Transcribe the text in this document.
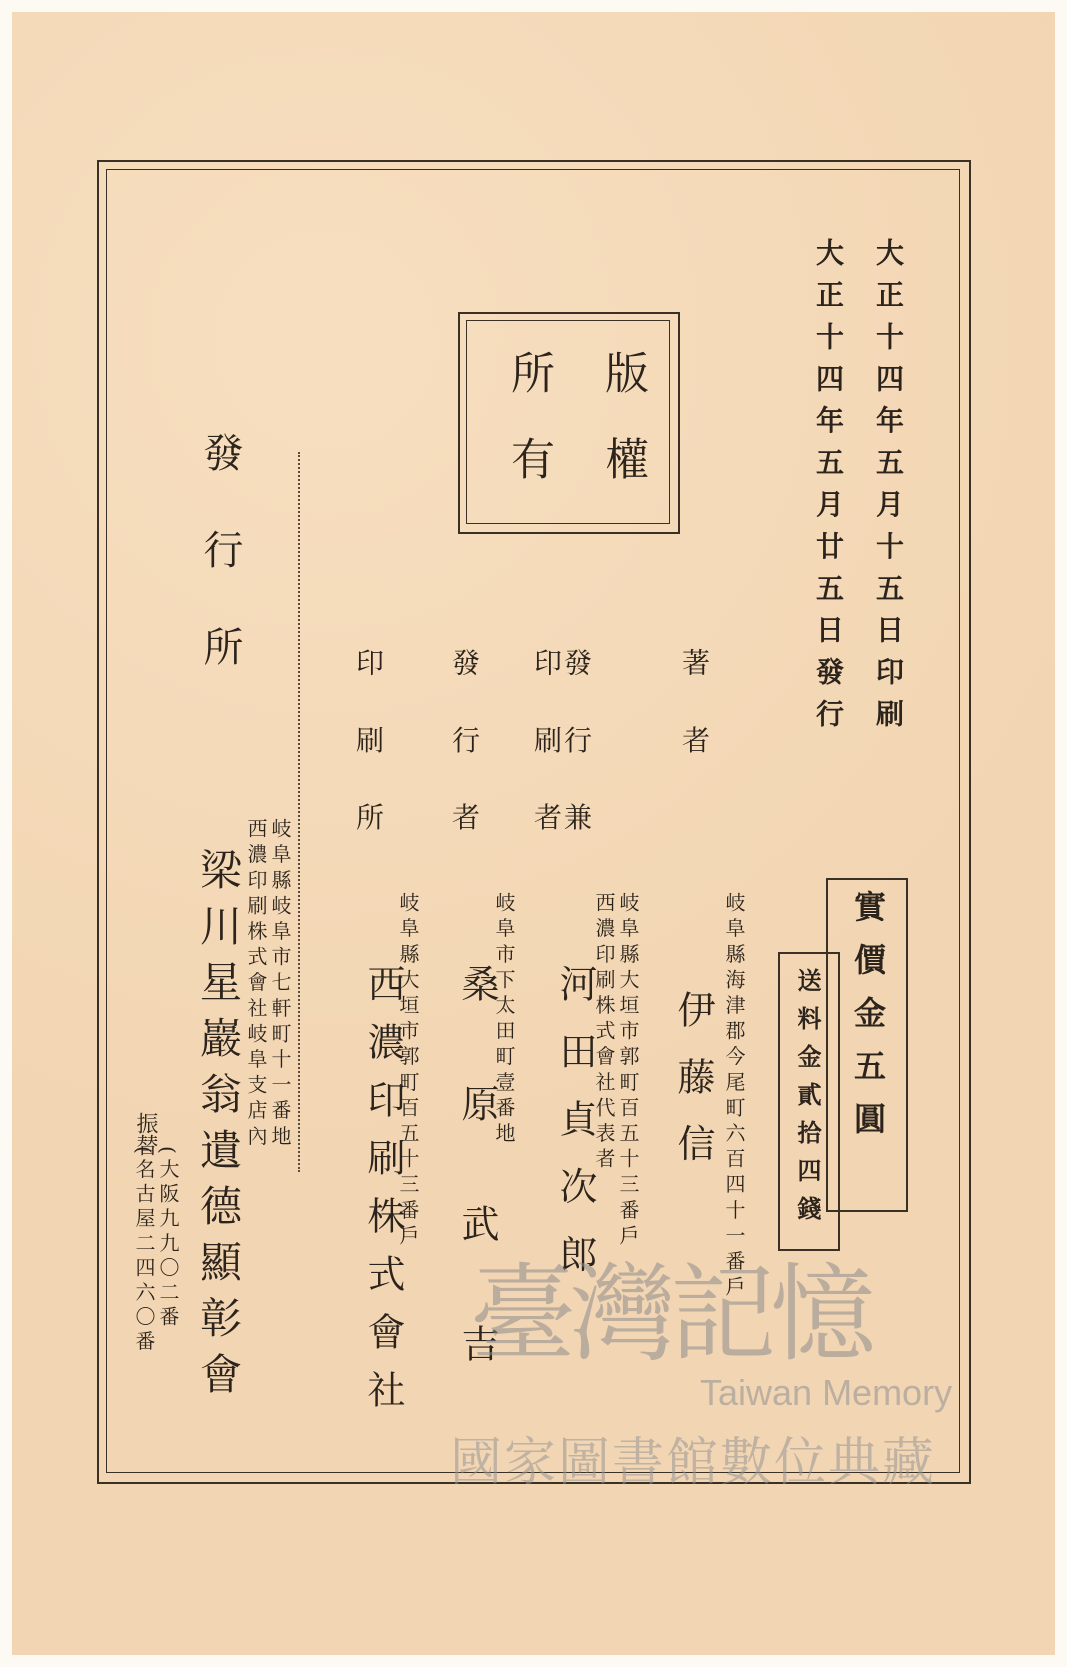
大正十四年五月十五日印刷
大正十四年五月廿五日發行
版權
所有
實價金五圓
送料金貳拾四錢
著者
岐阜縣海津郡今尾町六百四十一番戶
伊藤信
發行兼
印刷者
岐阜縣大垣市郭町百五十三番戶
西濃印刷株式會社代表者
河田貞次郎
發行者
岐阜市下太田町壹番地
桑原武吉
印刷所
岐阜縣大垣市郭町百五十三番戶
西濃印刷株式會社
發行所
岐阜縣岐阜市七軒町十一番地
西濃印刷株式會社岐阜支店內
梁川星巖翁遺德顯彰會
振替
(大阪九九〇二番
(名古屋二四六〇番	臺灣記憶
Taiwan Memory
國家圖書館數位典藏
